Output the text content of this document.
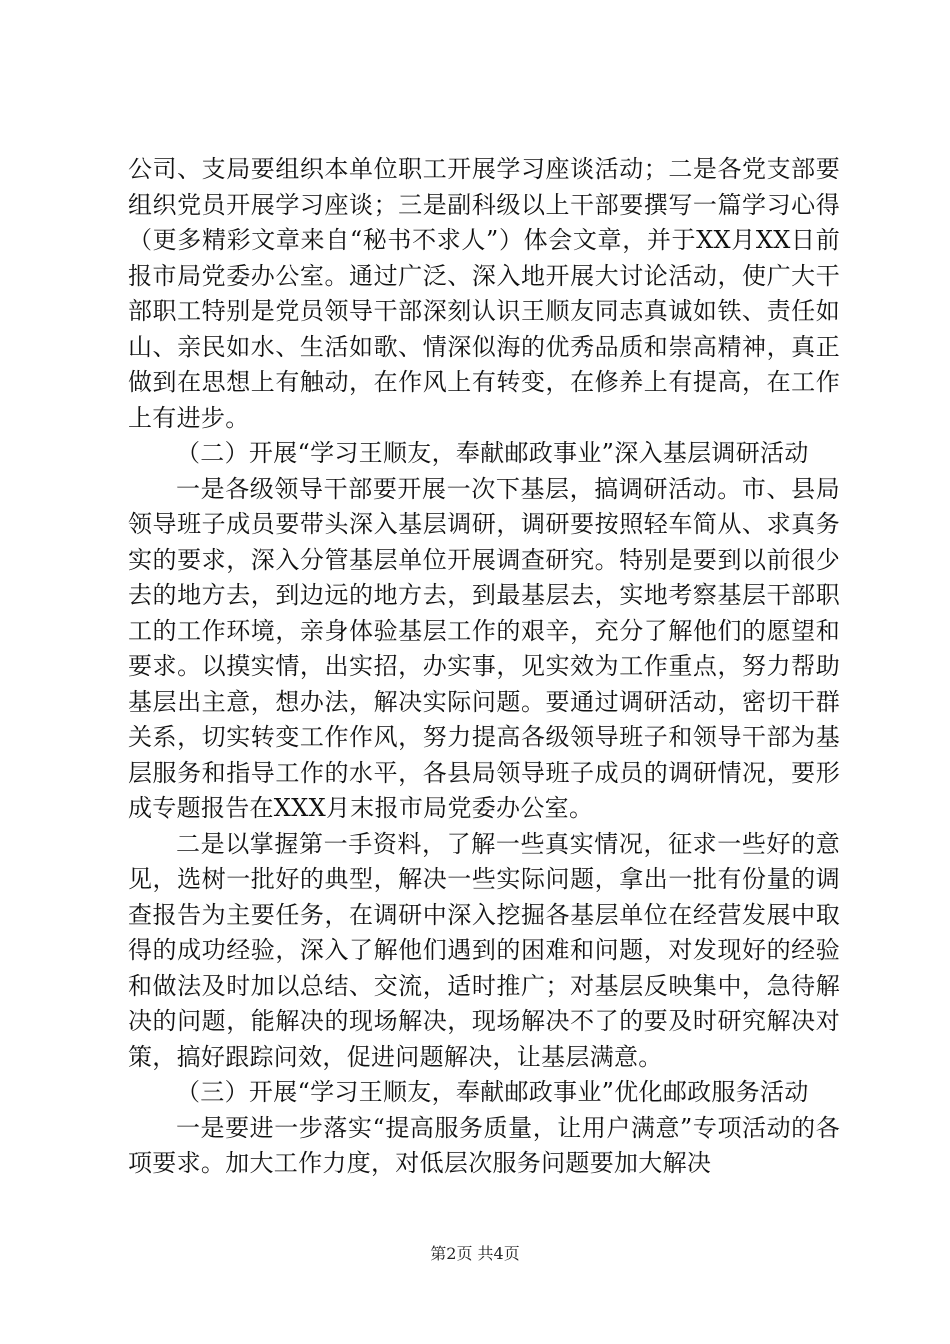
公司、支局要组织本单位职工开展学习座谈活动；二是各党支部要组织党员开展学习座谈；三是副科级以上干部要撰写一篇学习心得（更多精彩文章来自“秘书不求人”）体会文章，并于XX月XX日前报市局党委办公室。通过广泛、深入地开展大讨论活动，使广大干部职工特别是党员领导干部深刻认识王顺友同志真诚如铁、责任如山、亲民如水、生活如歌、情深似海的优秀品质和崇高精神，真正做到在思想上有触动，在作风上有转变，在修养上有提高，在工作上有进步。

（二）开展“学习王顺友，奉献邮政事业”深入基层调研活动

一是各级领导干部要开展一次下基层，搞调研活动。市、县局领导班子成员要带头深入基层调研，调研要按照轻车简从、求真务实的要求，深入分管基层单位开展调查研究。特别是要到以前很少去的地方去，到边远的地方去，到最基层去，实地考察基层干部职工的工作环境，亲身体验基层工作的艰辛，充分了解他们的愿望和要求。以摸实情，出实招，办实事，见实效为工作重点，努力帮助基层出主意，想办法，解决实际问题。要通过调研活动，密切干群关系，切实转变工作作风，努力提高各级领导班子和领导干部为基层服务和指导工作的水平，各县局领导班子成员的调研情况，要形成专题报告在XXX月末报市局党委办公室。

二是以掌握第一手资料，了解一些真实情况，征求一些好的意见，选树一批好的典型，解决一些实际问题，拿出一批有份量的调查报告为主要任务，在调研中深入挖掘各基层单位在经营发展中取得的成功经验，深入了解他们遇到的困难和问题，对发现好的经验和做法及时加以总结、交流，适时推广；对基层反映集中，急待解决的问题，能解决的现场解决，现场解决不了的要及时研究解决对策，搞好跟踪问效，促进问题解决，让基层满意。

（三）开展“学习王顺友，奉献邮政事业”优化邮政服务活动

一是要进一步落实“提高服务质量，让用户满意”专项活动的各项要求。加大工作力度，对低层次服务问题要加大解决

第2页 共4页
